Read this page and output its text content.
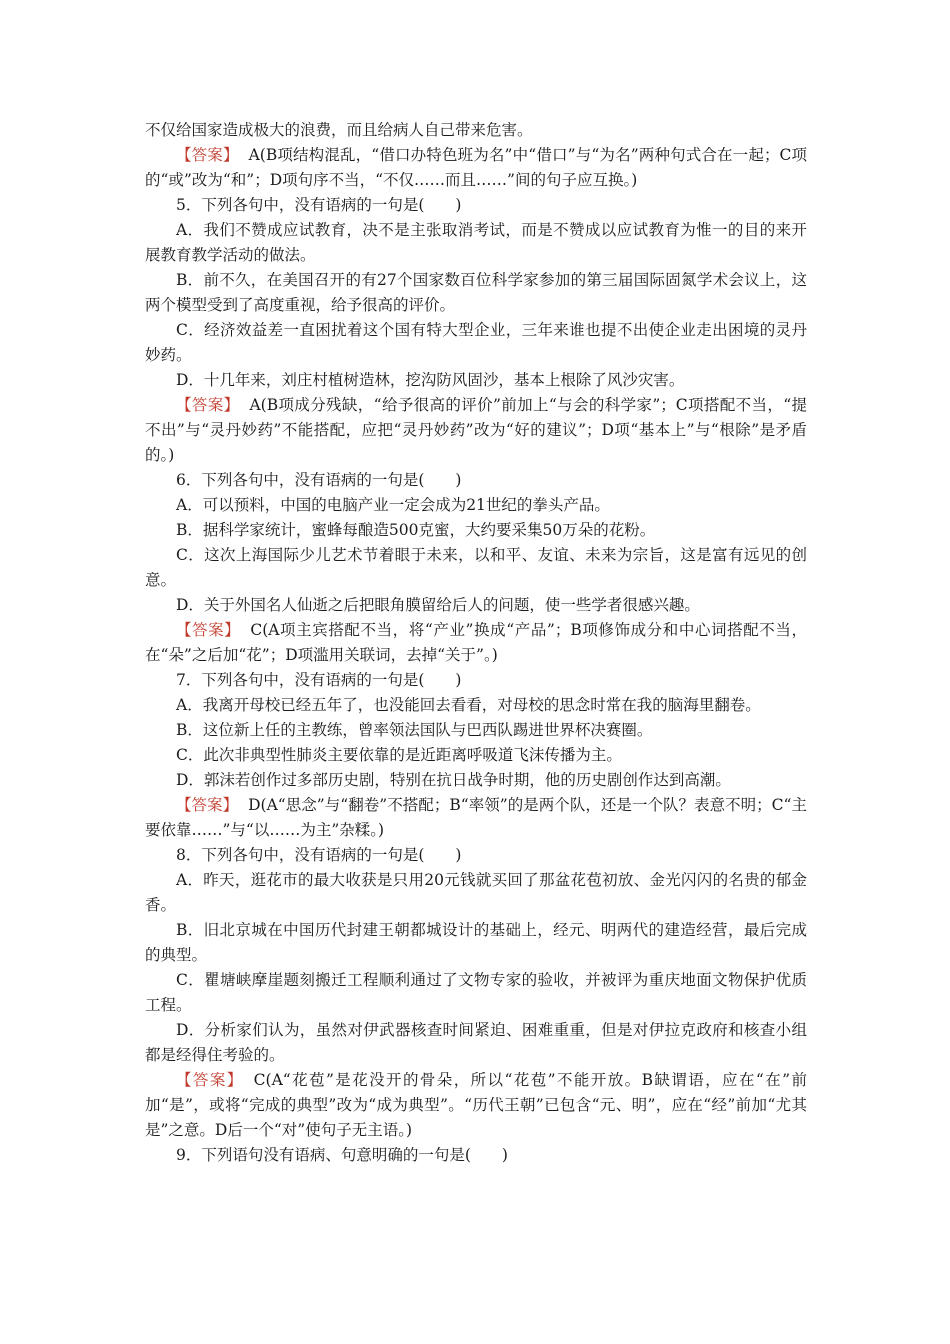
不仅给国家造成极大的浪费，而且给病人自己带来危害。

【答案】 A(B项结构混乱，“借口办特色班为名”中“借口”与“为名”两种句式合在一起；C项的“或”改为“和”；D项句序不当，“不仅……而且……”间的句子应互换。)

5．下列各句中，没有语病的一句是(　　)

A．我们不赞成应试教育，决不是主张取消考试，而是不赞成以应试教育为惟一的目的来开展教育教学活动的做法。

B．前不久，在美国召开的有27个国家数百位科学家参加的第三届国际固氮学术会议上，这两个模型受到了高度重视，给予很高的评价。

C．经济效益差一直困扰着这个国有特大型企业，三年来谁也提不出使企业走出困境的灵丹妙药。

D．十几年来，刘庄村植树造林，挖沟防风固沙，基本上根除了风沙灾害。

【答案】 A(B项成分残缺，“给予很高的评价”前加上“与会的科学家”；C项搭配不当，“提不出”与“灵丹妙药”不能搭配，应把“灵丹妙药”改为“好的建议”；D项“基本上”与“根除”是矛盾的。)

6．下列各句中，没有语病的一句是(　　)

A．可以预料，中国的电脑产业一定会成为21世纪的拳头产品。

B．据科学家统计，蜜蜂每酿造500克蜜，大约要采集50万朵的花粉。

C．这次上海国际少儿艺术节着眼于未来，以和平、友谊、未来为宗旨，这是富有远见的创意。

D．关于外国名人仙逝之后把眼角膜留给后人的问题，使一些学者很感兴趣。

【答案】 C(A项主宾搭配不当，将“产业”换成“产品”；B项修饰成分和中心词搭配不当，在“朵”之后加“花”；D项滥用关联词，去掉“关于”。)

7．下列各句中，没有语病的一句是(　　)

A．我离开母校已经五年了，也没能回去看看，对母校的思念时常在我的脑海里翻卷。

B．这位新上任的主教练，曾率领法国队与巴西队踢进世界杯决赛圈。

C．此次非典型性肺炎主要依靠的是近距离呼吸道飞沫传播为主。

D．郭沫若创作过多部历史剧，特别在抗日战争时期，他的历史剧创作达到高潮。

【答案】 D(A“思念”与“翻卷”不搭配；B“率领”的是两个队，还是一个队？表意不明；C“主要依靠……”与“以……为主”杂糅。)

8．下列各句中，没有语病的一句是(　　)

A．昨天，逛花市的最大收获是只用20元钱就买回了那盆花苞初放、金光闪闪的名贵的郁金香。

B．旧北京城在中国历代封建王朝都城设计的基础上，经元、明两代的建造经营，最后完成的典型。

C．瞿塘峡摩崖题刻搬迁工程顺利通过了文物专家的验收，并被评为重庆地面文物保护优质工程。

D．分析家们认为，虽然对伊武器核查时间紧迫、困难重重，但是对伊拉克政府和核查小组都是经得住考验的。

【答案】 C(A“花苞”是花没开的骨朵，所以“花苞”不能开放。B缺谓语，应在“在”前加“是”，或将“完成的典型”改为“成为典型”。“历代王朝”已包含“元、明”，应在“经”前加“尤其是”之意。D后一个“对”使句子无主语。)

9．下列语句没有语病、句意明确的一句是(　　)
